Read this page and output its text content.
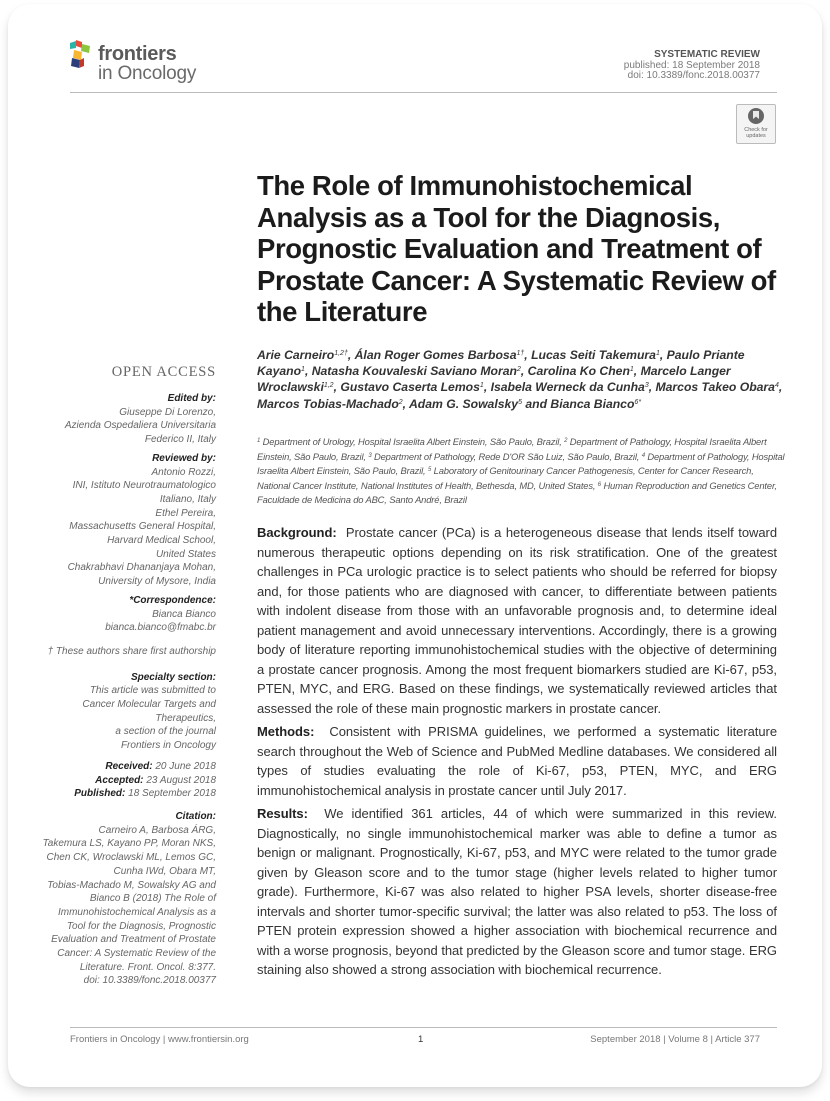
frontiers
in Oncology
SYSTEMATIC REVIEW
published: 18 September 2018
doi: 10.3389/fonc.2018.00377
Check for updates
The Role of Immunohistochemical Analysis as a Tool for the Diagnosis, Prognostic Evaluation and Treatment of Prostate Cancer: A Systematic Review of the Literature
Arie Carneiro$^{1,2\dagger}$, Álan Roger Gomes Barbosa$^{1\dagger}$, Lucas Seiti Takemura$^1$, Paulo Priante Kayano$^1$, Natasha Kouvaleski Saviano Moran$^2$, Carolina Ko Chen$^1$, Marcelo Langer Wroclawski$^{1,2}$, Gustavo Caserta Lemos$^1$, Isabela Werneck da Cunha$^3$, Marcos Takeo Obara$^4$, Marcos Tobias-Machado$^2$, Adam G. Sowalsky$^5$ and Bianca Bianco$^{6*}$
$^1$ Department of Urology, Hospital Israelita Albert Einstein, São Paulo, Brazil, $^2$ Department of Pathology, Hospital Israelita Albert Einstein, São Paulo, Brazil, $^3$ Department of Pathology, Rede D'OR São Luiz, São Paulo, Brazil, $^4$ Department of Pathology, Hospital Israelita Albert Einstein, São Paulo, Brazil, $^5$ Laboratory of Genitourinary Cancer Pathogenesis, Center for Cancer Research, National Cancer Institute, National Institutes of Health, Bethesda, MD, United States, $^6$ Human Reproduction and Genetics Center, Faculdade de Medicina do ABC, Santo André, Brazil
OPEN ACCESS
Edited by:
Giuseppe Di Lorenzo,
Azienda Ospedaliera Universitaria
Federico II, Italy
Reviewed by:
Antonio Rozzi,
INI, Istituto Neurotraumatologico
Italiano, Italy
Ethel Pereira,
Massachusetts General Hospital,
Harvard Medical School,
United States
Chakrabhavi Dhananjaya Mohan,
University of Mysore, India
*Correspondence:
Bianca Bianco
bianca.bianco@fmabc.br
† These authors share first authorship
Specialty section:
This article was submitted to
Cancer Molecular Targets and
Therapeutics,
a section of the journal
Frontiers in Oncology
Received: 20 June 2018
Accepted: 23 August 2018
Published: 18 September 2018
Citation:
Carneiro A, Barbosa ÁRG,
Takemura LS, Kayano PP, Moran NKS,
Chen CK, Wroclawski ML, Lemos GC,
Cunha IWd, Obara MT,
Tobias-Machado M, Sowalsky AG and
Bianco B (2018) The Role of
Immunohistochemical Analysis as a
Tool for the Diagnosis, Prognostic
Evaluation and Treatment of Prostate
Cancer: A Systematic Review of the
Literature. Front. Oncol. 8:377.
doi: 10.3389/fonc.2018.00377

Background: Prostate cancer (PCa) is a heterogeneous disease that lends itself toward numerous therapeutic options depending on its risk stratification. One of the greatest challenges in PCa urologic practice is to select patients who should be referred for biopsy and, for those patients who are diagnosed with cancer, to differentiate between patients with indolent disease from those with an unfavorable prognosis and, to determine ideal patient management and avoid unnecessary interventions. Accordingly, there is a growing body of literature reporting immunohistochemical studies with the objective of determining a prostate cancer prognosis. Among the most frequent biomarkers studied are Ki-67, p53, PTEN, MYC, and ERG. Based on these findings, we systematically reviewed articles that assessed the role of these main prognostic markers in prostate cancer.

Methods: Consistent with PRISMA guidelines, we performed a systematic literature search throughout the Web of Science and PubMed Medline databases. We considered all types of studies evaluating the role of Ki-67, p53, PTEN, MYC, and ERG immunohistochemical analysis in prostate cancer until July 2017.

Results: We identified 361 articles, 44 of which were summarized in this review. Diagnostically, no single immunohistochemical marker was able to define a tumor as benign or malignant. Prognostically, Ki-67, p53, and MYC were related to the tumor grade given by Gleason score and to the tumor stage (higher levels related to higher tumor grade). Furthermore, Ki-67 was also related to higher PSA levels, shorter disease-free intervals and shorter tumor-specific survival; the latter was also related to p53. The loss of PTEN protein expression showed a higher association with biochemical recurrence and with a worse prognosis, beyond that predicted by the Gleason score and tumor stage. ERG staining also showed a strong association with biochemical recurrence.

Frontiers in Oncology | www.frontiersin.org	1	September 2018 | Volume 8 | Article 377
